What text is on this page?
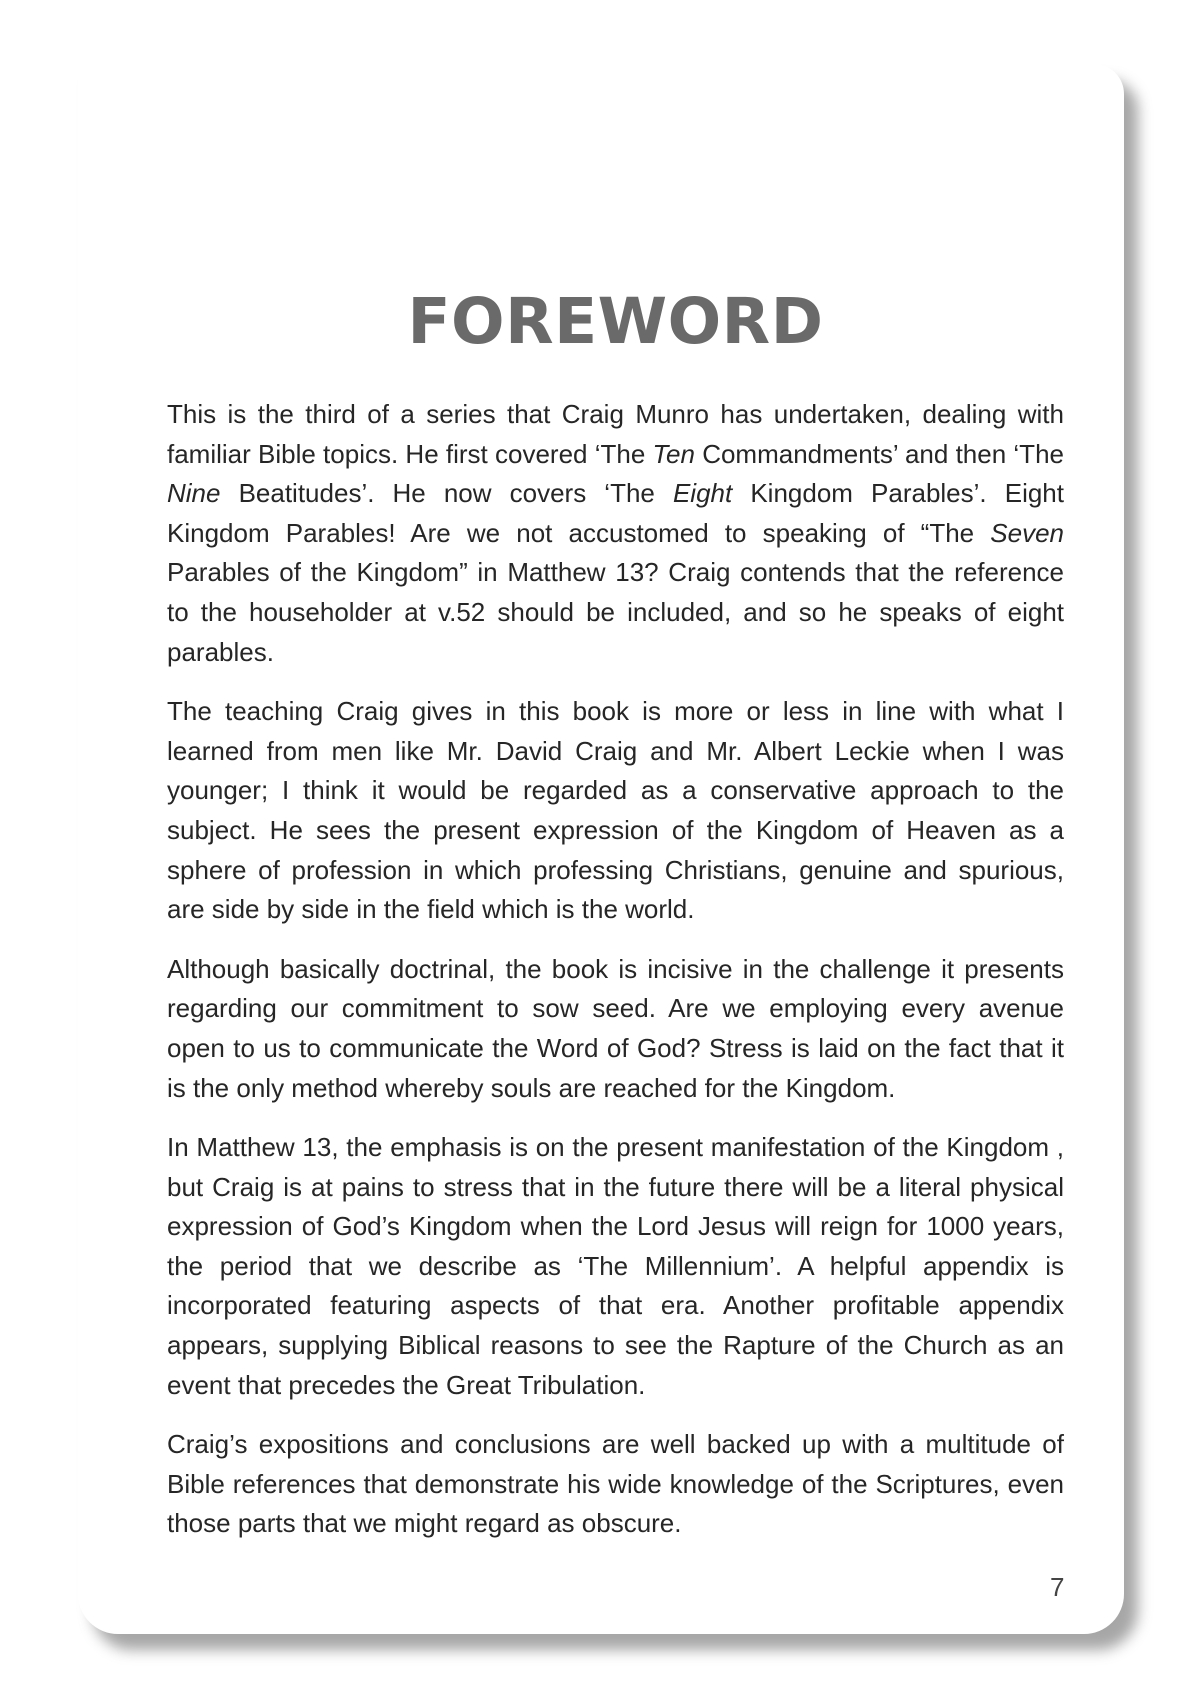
FOREWORD

This is the third of a series that Craig Munro has undertaken, dealing with familiar Bible topics. He first covered ‘The Ten Commandments’ and then ‘The Nine Beatitudes’. He now covers ‘The Eight Kingdom Parables’. Eight Kingdom Parables! Are we not accustomed to speaking of “The Seven Parables of the Kingdom” in Matthew 13? Craig contends that the reference to the householder at v.52 should be included, and so he speaks of eight parables.

The teaching Craig gives in this book is more or less in line with what I learned from men like Mr. David Craig and Mr. Albert Leckie when I was younger; I think it would be regarded as a conservative approach to the subject. He sees the present expression of the Kingdom of Heaven as a sphere of profession in which professing Christians, genuine and spurious, are side by side in the field which is the world.

Although basically doctrinal, the book is incisive in the challenge it presents regarding our commitment to sow seed. Are we employing every avenue open to us to communicate the Word of God? Stress is laid on the fact that it is the only method whereby souls are reached for the Kingdom.

In Matthew 13, the emphasis is on the present manifestation of the Kingdom , but Craig is at pains to stress that in the future there will be a literal physical expression of God’s Kingdom when the Lord Jesus will reign for 1000 years, the period that we describe as ‘The Millennium’. A helpful appendix is incorporated featuring aspects of that era. Another profitable appendix appears, supplying Biblical reasons to see the Rapture of the Church as an event that precedes the Great Tribulation.

Craig’s expositions and conclusions are well backed up with a multitude of Bible references that demonstrate his wide knowledge of the Scriptures, even those parts that we might regard as obscure.

7
